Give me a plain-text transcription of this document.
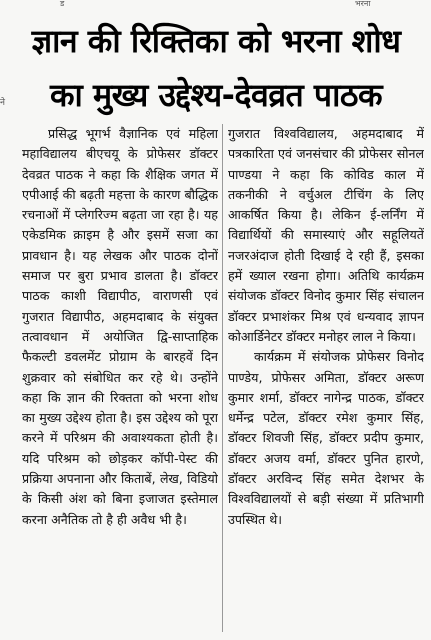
ड	भरना
ने
ज्ञान की रिक्तिका को भरना शोध
का मुख्य उद्देश्य-देवव्रत पाठक

प्रसिद्ध भूगर्भ वैज्ञानिक एवं महिला महाविद्यालय बीएचयू के प्रोफेसर डॉक्टर देवव्रत पाठक ने कहा कि शैक्षिक जगत में एपीआई की बढ़ती महत्ता के कारण बौद्धिक रचनाओं में प्लेगरिज्म बढ़ता जा रहा है। यह एकेडमिक क्राइम है और इसमें सजा का प्रावधान है। यह लेखक और पाठक दोनों समाज पर बुरा प्रभाव डालता है। डॉक्टर पाठक काशी विद्यापीठ, वाराणसी एवं गुजरात विद्यापीठ, अहमदाबाद के संयुक्त तत्वावधान में अयोजित द्वि-साप्ताहिक फैकल्टी डवलमेंट प्रोग्राम के बारहवें दिन शुक्रवार को संबोधित कर रहे थे। उन्होंने कहा कि ज्ञान की रिक्तता को भरना शोध का मुख्य उद्देश्य होता है। इस उद्देश्य को पूरा करने में परिश्रम की अवाश्यकता होती है। यदि परिश्रम को छोड़कर कॉपी-पेस्ट की प्रक्रिया अपनाना और किताबें, लेख, विडियो के किसी अंश को बिना इजाजत इस्तेमाल करना अनैतिक तो है ही अवैध भी है।

गुजरात विश्वविद्यालय, अहमदाबाद में पत्रकारिता एवं जनसंचार की प्रोफेसर सोनल पाण्डया ने कहा कि कोविड काल में तकनीकी ने वर्चुअल टीचिंग के लिए आकर्षित किया है। लेकिन ई-लर्निंग में विद्यार्थियों की समास्याएं और सहूलियतें नजरअंदाज होती दिखाई दे रही हैं, इसका हमें ख्याल रखना होगा। अतिथि कार्यक्रम संयोजक डॉक्टर विनोद कुमार सिंह संचालन डॉक्टर प्रभाशंकर मिश्र एवं धन्यवाद ज्ञापन कोआर्डिनेटर डॉक्टर मनोहर लाल ने किया।

कार्यक्रम में संयोजक प्रोफेसर विनोद पाण्डेय, प्रोफेसर अमिता, डॉक्टर अरूण कुमार शर्मा, डॉक्टर नागेन्द्र पाठक, डॉक्टर धर्मेन्द्र पटेल, डॉक्टर रमेश कुमार सिंह, डॉक्टर शिवजी सिंह, डॉक्टर प्रदीप कुमार, डॉक्टर अजय वर्मा, डॉक्टर पुनित हारणे, डॉक्टर अरविन्द सिंह समेत देशभर के विश्वविद्यालयों से बड़ी संख्या में प्रतिभागी उपस्थित थे।
